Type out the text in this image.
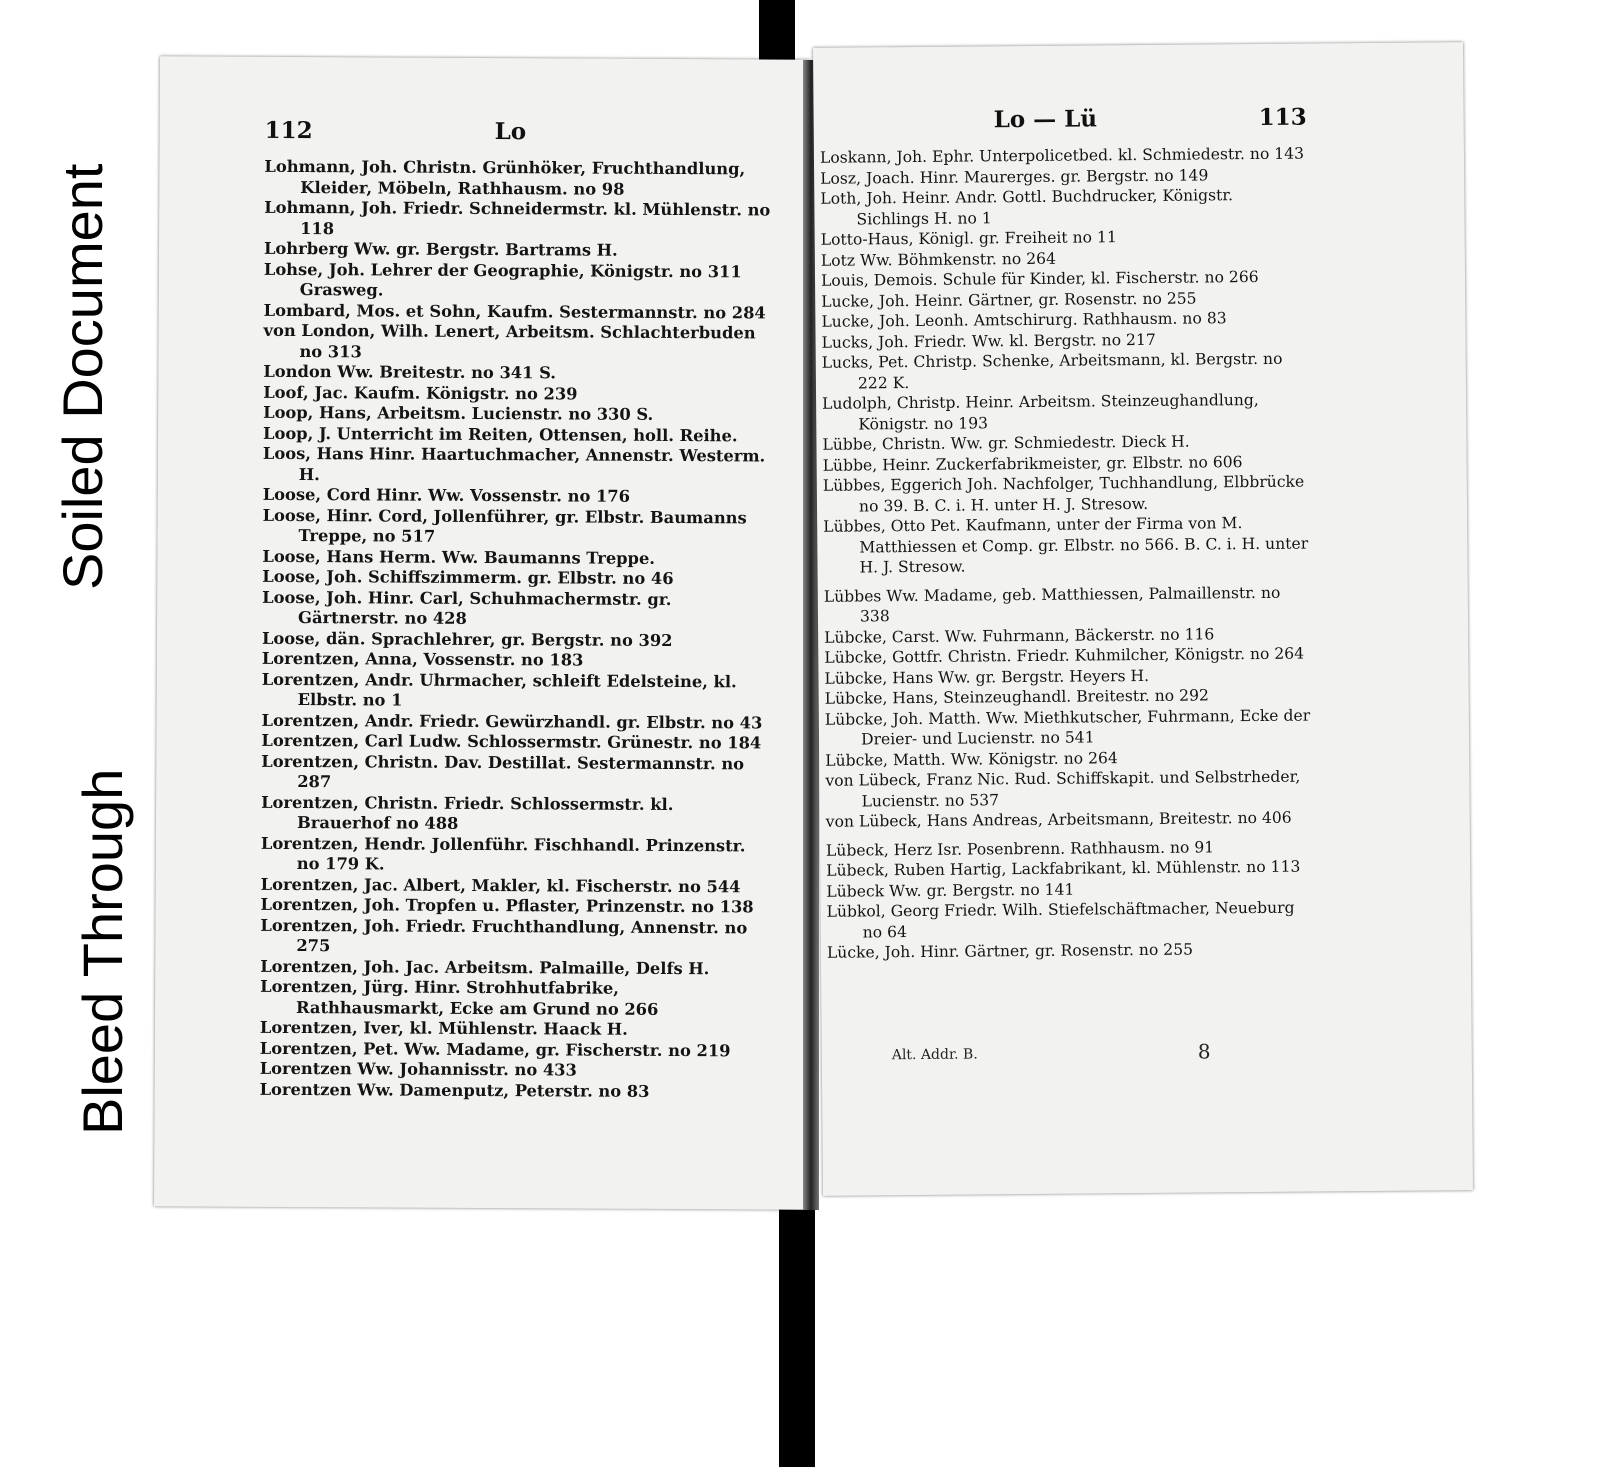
Soiled Document
Bleed Through
112	Lo
Lohmann, Joh. Christn. Grünhöker, Fruchthandlung, Kleider, Möbeln, Rathhausm. no 98
Lohmann, Joh. Friedr. Schneidermstr. kl. Mühlenstr. no 118
Lohrberg Ww. gr. Bergstr. Bartrams H.
Lohse, Joh. Lehrer der Geographie, Königstr. no 311 Grasweg.
Lombard, Mos. et Sohn, Kaufm. Sestermannstr. no 284
von London, Wilh. Lenert, Arbeitsm. Schlachterbuden no 313
London Ww. Breitestr. no 341 S.
Loof, Jac. Kaufm. Königstr. no 239
Loop, Hans, Arbeitsm. Lucienstr. no 330 S.
Loop, J. Unterricht im Reiten, Ottensen, holl. Reihe.
Loos, Hans Hinr. Haartuchmacher, Annenstr. Westerm. H.
Loose, Cord Hinr. Ww. Vossenstr. no 176
Loose, Hinr. Cord, Jollenführer, gr. Elbstr. Baumanns Treppe, no 517
Loose, Hans Herm. Ww. Baumanns Treppe.
Loose, Joh. Schiffszimmerm. gr. Elbstr. no 46
Loose, Joh. Hinr. Carl, Schuhmachermstr. gr. Gärtnerstr. no 428
Loose, dän. Sprachlehrer, gr. Bergstr. no 392
Lorentzen, Anna, Vossenstr. no 183
Lorentzen, Andr. Uhrmacher, schleift Edelsteine, kl. Elbstr. no 1
Lorentzen, Andr. Friedr. Gewürzhandl. gr. Elbstr. no 43
Lorentzen, Carl Ludw. Schlossermstr. Grünestr. no 184
Lorentzen, Christn. Dav. Destillat. Sestermannstr. no 287
Lorentzen, Christn. Friedr. Schlossermstr. kl. Brauerhof no 488
Lorentzen, Hendr. Jollenführ. Fischhandl. Prinzenstr. no 179 K.
Lorentzen, Jac. Albert, Makler, kl. Fischerstr. no 544
Lorentzen, Joh. Tropfen u. Pflaster, Prinzenstr. no 138
Lorentzen, Joh. Friedr. Fruchthandlung, Annenstr. no 275
Lorentzen, Joh. Jac. Arbeitsm. Palmaille, Delfs H.
Lorentzen, Jürg. Hinr. Strohhutfabrike, Rathhausmarkt, Ecke am Grund no 266
Lorentzen, Iver, kl. Mühlenstr. Haack H.
Lorentzen, Pet. Ww. Madame, gr. Fischerstr. no 219
Lorentzen Ww. Johannisstr. no 433
Lorentzen Ww. Damenputz, Peterstr. no 83
Lo — Lü	113
Loskann, Joh. Ephr. Unterpolicetbed. kl. Schmiedestr. no 143
Losz, Joach. Hinr. Maurerges. gr. Bergstr. no 149
Loth, Joh. Heinr. Andr. Gottl. Buchdrucker, Königstr. Sichlings H. no 1
Lotto-Haus, Königl. gr. Freiheit no 11
Lotz Ww. Böhmkenstr. no 264
Louis, Demois. Schule für Kinder, kl. Fischerstr. no 266
Lucke, Joh. Heinr. Gärtner, gr. Rosenstr. no 255
Lucke, Joh. Leonh. Amtschirurg. Rathhausm. no 83
Lucks, Joh. Friedr. Ww. kl. Bergstr. no 217
Lucks, Pet. Christp. Schenke, Arbeitsmann, kl. Bergstr. no 222 K.
Ludolph, Christp. Heinr. Arbeitsm. Steinzeughandlung, Königstr. no 193
Lübbe, Christn. Ww. gr. Schmiedestr. Dieck H.
Lübbe, Heinr. Zuckerfabrikmeister, gr. Elbstr. no 606
Lübbes, Eggerich Joh. Nachfolger, Tuchhandlung, Elbbrücke no 39. B. C. i. H. unter H. J. Stresow.
Lübbes, Otto Pet. Kaufmann, unter der Firma von M. Matthiessen et Comp. gr. Elbstr. no 566. B. C. i. H. unter H. J. Stresow.
Lübbes Ww. Madame, geb. Matthiessen, Palmaillenstr. no 338
Lübcke, Carst. Ww. Fuhrmann, Bäckerstr. no 116
Lübcke, Gottfr. Christn. Friedr. Kuhmilcher, Königstr. no 264
Lübcke, Hans Ww. gr. Bergstr. Heyers H.
Lübcke, Hans, Steinzeughandl. Breitestr. no 292
Lübcke, Joh. Matth. Ww. Miethkutscher, Fuhrmann, Ecke der Dreier- und Lucienstr. no 541
Lübcke, Matth. Ww. Königstr. no 264
von Lübeck, Franz Nic. Rud. Schiffskapit. und Selbstrheder, Lucienstr. no 537
von Lübeck, Hans Andreas, Arbeitsmann, Breitestr. no 406
Lübeck, Herz Isr. Posenbrenn. Rathhausm. no 91
Lübeck, Ruben Hartig, Lackfabrikant, kl. Mühlenstr. no 113
Lübeck Ww. gr. Bergstr. no 141
Lübkol, Georg Friedr. Wilh. Stiefelschäftmacher, Neueburg no 64
Lücke, Joh. Hinr. Gärtner, gr. Rosenstr. no 255
Alt. Addr. B.	8
